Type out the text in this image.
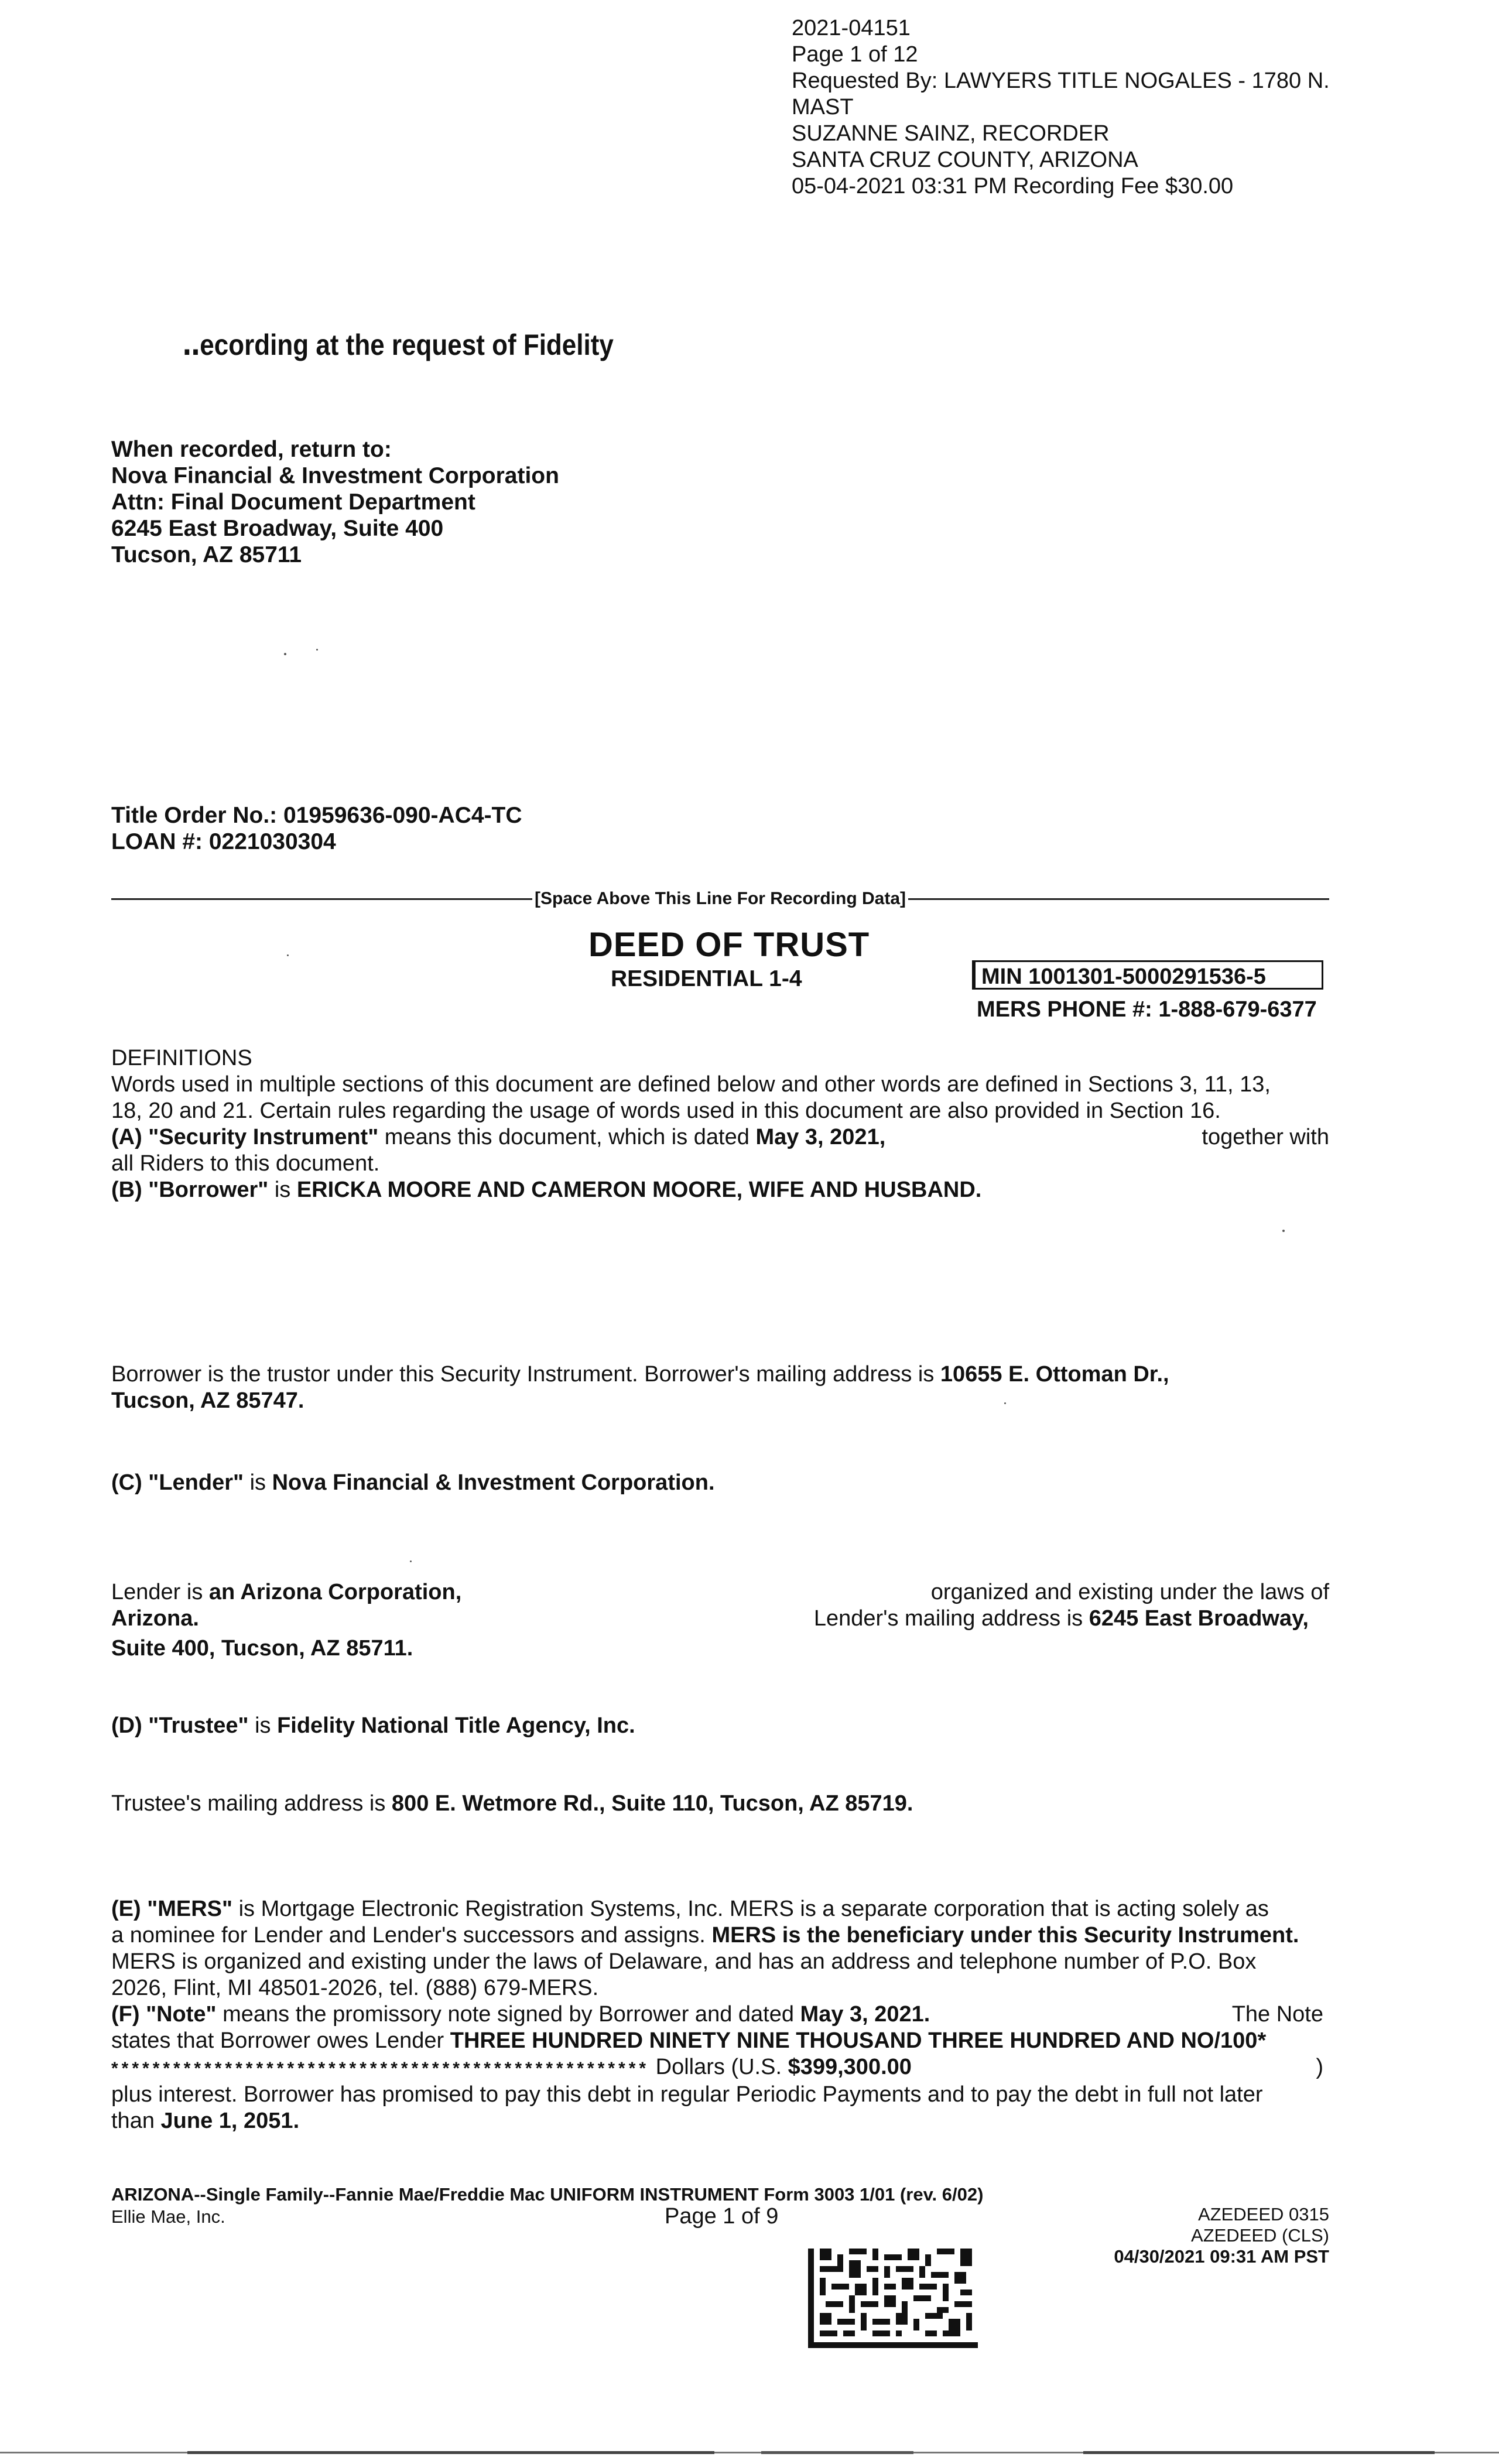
2021-04151
Page 1 of 12
Requested By: LAWYERS TITLE NOGALES - 1780 N.
MAST
SUZANNE SAINZ, RECORDER
SANTA CRUZ COUNTY, ARIZONA
05-04-2021 03:31 PM Recording Fee $30.00
․․ecording at the request of Fidelity
When recorded, return to:
Nova Financial & Investment Corporation
Attn: Final Document Department
6245 East Broadway, Suite 400
Tucson, AZ 85711
Title Order No.: 01959636-090-AC4-TC
LOAN #: 0221030304
[Space Above This Line For Recording Data]
DEED OF TRUST
RESIDENTIAL 1-4	MIN 1001301-5000291536-5
MERS PHONE #: 1-888-679-6377
DEFINITIONS
Words used in multiple sections of this document are defined below and other words are defined in Sections 3, 11, 13,
18, 20 and 21. Certain rules regarding the usage of words used in this document are also provided in Section 16.
(A) "Security Instrument" means this document, which is dated May 3, 2021,	together with
all Riders to this document.
(B) "Borrower" is ERICKA MOORE AND CAMERON MOORE, WIFE AND HUSBAND.
Borrower is the trustor under this Security Instrument. Borrower's mailing address is 10655 E. Ottoman Dr.,
Tucson, AZ 85747.
(C) "Lender" is Nova Financial & Investment Corporation.
Lender is an Arizona Corporation,	organized and existing under the laws of
Arizona.	Lender's mailing address is 6245 East Broadway,
Suite 400, Tucson, AZ 85711.
(D) "Trustee" is Fidelity National Title Agency, Inc.
Trustee's mailing address is 800 E. Wetmore Rd., Suite 110, Tucson, AZ 85719.
(E) "MERS" is Mortgage Electronic Registration Systems, Inc. MERS is a separate corporation that is acting solely as
a nominee for Lender and Lender's successors and assigns. MERS is the beneficiary under this Security Instrument.
MERS is organized and existing under the laws of Delaware, and has an address and telephone number of P.O. Box
2026, Flint, MI 48501-2026, tel. (888) 679-MERS.
(F) "Note" means the promissory note signed by Borrower and dated May 3, 2021.	The Note
states that Borrower owes Lender THREE HUNDRED NINETY NINE THOUSAND THREE HUNDRED AND NO/100*
**************************************************** Dollars (U.S. $399,300.00	)
plus interest. Borrower has promised to pay this debt in regular Periodic Payments and to pay the debt in full not later
than June 1, 2051.
ARIZONA--Single Family--Fannie Mae/Freddie Mac UNIFORM INSTRUMENT Form 3003 1/01 (rev. 6/02)
Ellie Mae, Inc.	Page 1 of 9	AZEDEED 0315
AZEDEED (CLS)
04/30/2021 09:31 AM PST
